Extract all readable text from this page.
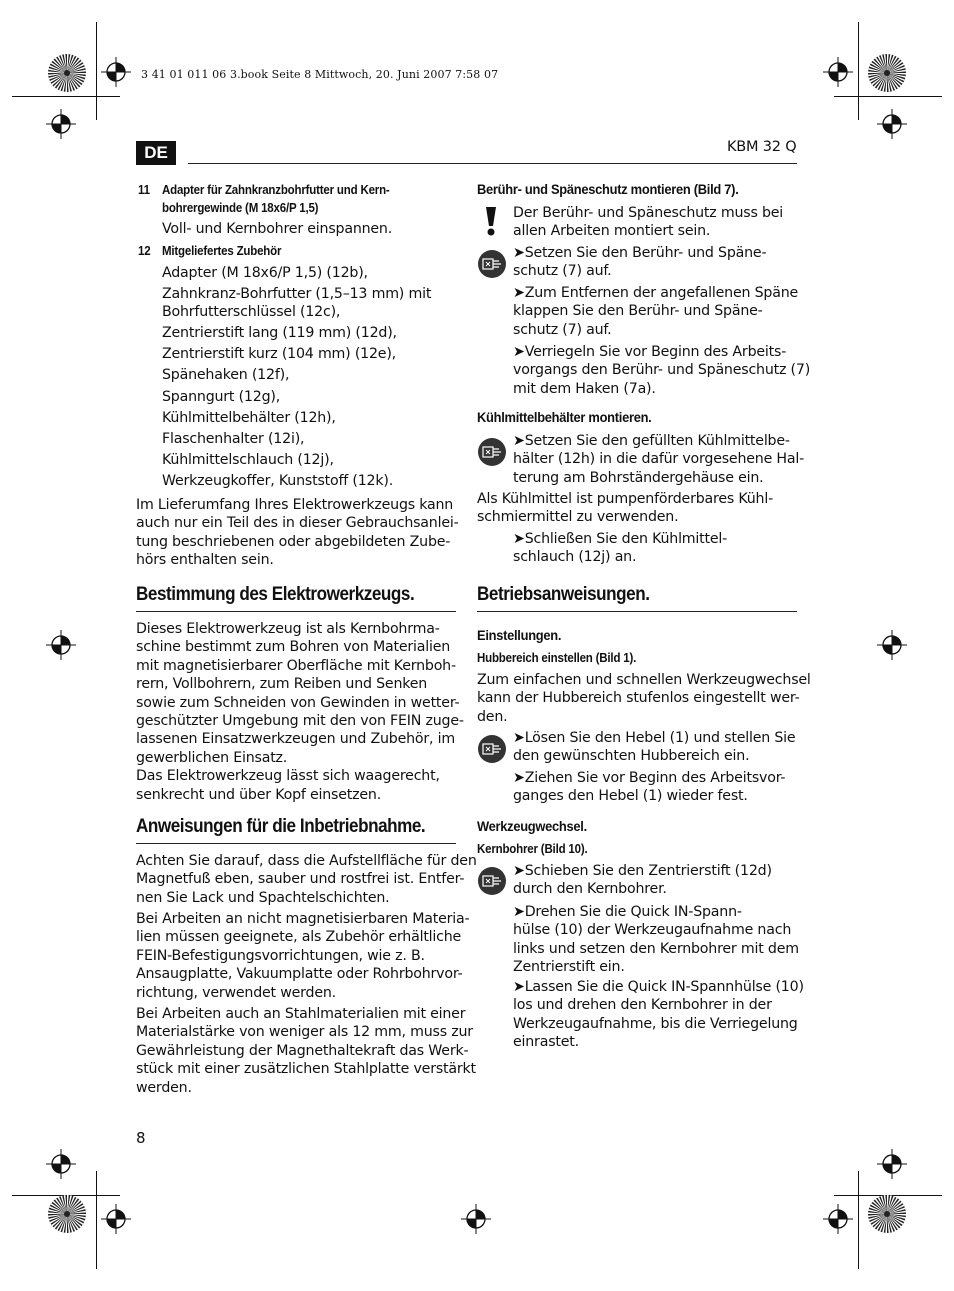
3 41 01 011 06 3.book Seite 8 Mittwoch, 20. Juni 2007 7:58 07
DE	KBM 32 Q
11 Adapter für Zahnkranzbohrfutter und Kern-
bohrergewinde (M 18x6/P 1,5)
Voll- und Kernbohrer einspannen.
12 Mitgeliefertes Zubehör
Adapter (M 18x6/P 1,5) (12b),
Zahnkranz-Bohrfutter (1,5–13 mm) mit
Bohrfutterschlüssel (12c),
Zentrierstift lang (119 mm) (12d),
Zentrierstift kurz (104 mm) (12e),
Spänehaken (12f),
Spanngurt (12g),
Kühlmittelbehälter (12h),
Flaschenhalter (12i),
Kühlmittelschlauch (12j),
Werkzeugkoffer, Kunststoff (12k).
Im Lieferumfang Ihres Elektrowerkzeugs kann
auch nur ein Teil des in dieser Gebrauchsanlei-
tung beschriebenen oder abgebildeten Zube-
hörs enthalten sein.
Bestimmung des Elektrowerkzeugs.
Dieses Elektrowerkzeug ist als Kernbohrma-
schine bestimmt zum Bohren von Materialien
mit magnetisierbarer Oberfläche mit Kernboh-
rern, Vollbohrern, zum Reiben und Senken
sowie zum Schneiden von Gewinden in wetter-
geschützter Umgebung mit den von FEIN zuge-
lassenen Einsatzwerkzeugen und Zubehör, im
gewerblichen Einsatz.
Das Elektrowerkzeug lässt sich waagerecht,
senkrecht und über Kopf einsetzen.
Anweisungen für die Inbetriebnahme.
Achten Sie darauf, dass die Aufstellfläche für den
Magnetfuß eben, sauber und rostfrei ist. Entfer-
nen Sie Lack und Spachtelschichten.
Bei Arbeiten an nicht magnetisierbaren Materia-
lien müssen geeignete, als Zubehör erhältliche
FEIN-Befestigungsvorrichtungen, wie z. B.
Ansaugplatte, Vakuumplatte oder Rohrbohrvor-
richtung, verwendet werden.
Bei Arbeiten auch an Stahlmaterialien mit einer
Materialstärke von weniger als 12 mm, muss zur
Gewährleistung der Magnethaltekraft das Werk-
stück mit einer zusätzlichen Stahlplatte verstärkt
werden.
8
Berühr- und Späneschutz montieren (Bild 7).
Der Berühr- und Späneschutz muss bei
allen Arbeiten montiert sein.
➤Setzen Sie den Berühr- und Späne-
schutz (7) auf.
➤Zum Entfernen der angefallenen Späne
klappen Sie den Berühr- und Späne-
schutz (7) auf.
➤Verriegeln Sie vor Beginn des Arbeits-
vorgangs den Berühr- und Späneschutz (7)
mit dem Haken (7a).
Kühlmittelbehälter montieren.
➤Setzen Sie den gefüllten Kühlmittelbe-
hälter (12h) in die dafür vorgesehene Hal-
terung am Bohrständergehäuse ein.
Als Kühlmittel ist pumpenförderbares Kühl-
schmiermittel zu verwenden.
➤Schließen Sie den Kühlmittel-
schlauch (12j) an.
Betriebsanweisungen.
Einstellungen.
Hubbereich einstellen (Bild 1).
Zum einfachen und schnellen Werkzeugwechsel
kann der Hubbereich stufenlos eingestellt wer-
den.
➤Lösen Sie den Hebel (1) und stellen Sie
den gewünschten Hubbereich ein.
➤Ziehen Sie vor Beginn des Arbeitsvor-
ganges den Hebel (1) wieder fest.
Werkzeugwechsel.
Kernbohrer (Bild 10).
➤Schieben Sie den Zentrierstift (12d)
durch den Kernbohrer.
➤Drehen Sie die Quick IN-Spann-
hülse (10) der Werkzeugaufnahme nach
links und setzen den Kernbohrer mit dem
Zentrierstift ein.
➤Lassen Sie die Quick IN-Spannhülse (10)
los und drehen den Kernbohrer in der
Werkzeugaufnahme, bis die Verriegelung
einrastet.
